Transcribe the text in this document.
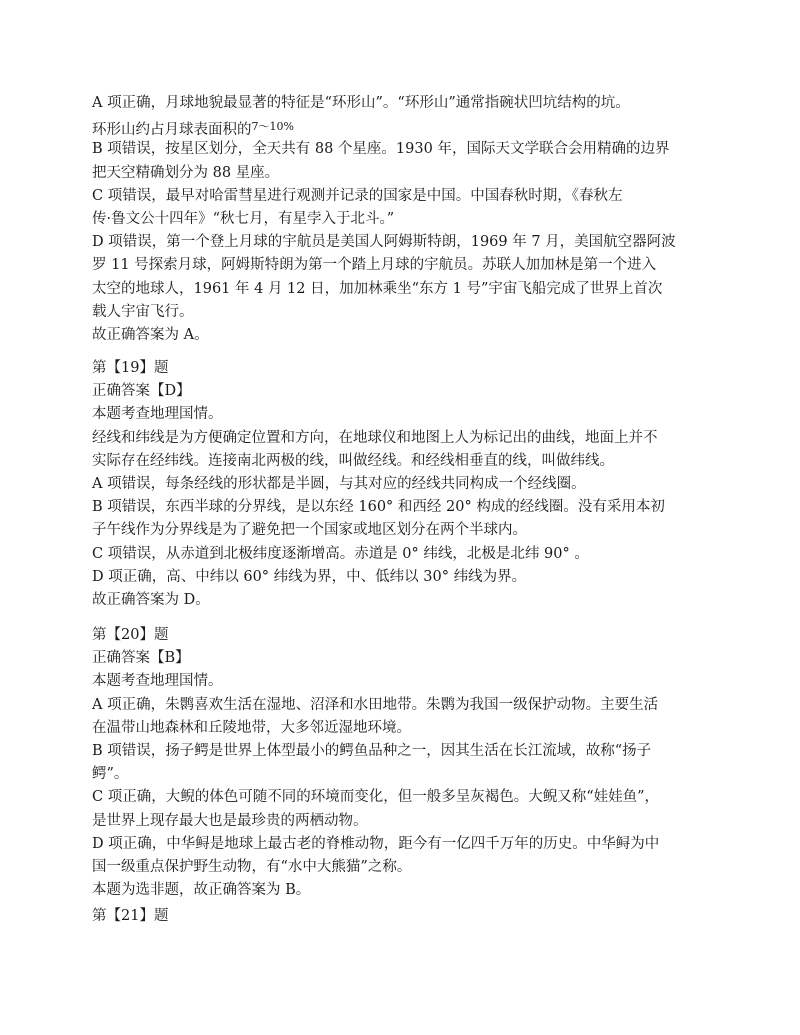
A 项正确，月球地貌最显著的特征是“环形山”。“环形山”通常指碗状凹坑结构的坑。
环形山约占月球表面积的$^{7\sim 10\%}$
B 项错误，按星区划分，全天共有 88 个星座。1930 年，国际天文学联合会用精确的边界
把天空精确划分为 88 星座。
C 项错误，最早对哈雷彗星进行观测并记录的国家是中国。中国春秋时期，《春秋左
传·鲁文公十四年》“秋七月，有星孛入于北斗。”
D 项错误，第一个登上月球的宇航员是美国人阿姆斯特朗，1969 年 7 月，美国航空器阿波
罗 11 号探索月球，阿姆斯特朗为第一个踏上月球的宇航员。苏联人加加林是第一个进入
太空的地球人，1961 年 4 月 12 日，加加林乘坐“东方 1 号”宇宙飞船完成了世界上首次
载人宇宙飞行。
故正确答案为 A。
第【19】题
正确答案【D】
本题考查地理国情。
经线和纬线是为方便确定位置和方向，在地球仪和地图上人为标记出的曲线，地面上并不
实际存在经纬线。连接南北两极的线，叫做经线。和经线相垂直的线，叫做纬线。
A 项错误，每条经线的形状都是半圆，与其对应的经线共同构成一个经线圈。
B 项错误，东西半球的分界线，是以东经 160° 和西经 20° 构成的经线圈。没有采用本初
子午线作为分界线是为了避免把一个国家或地区划分在两个半球内。
C 项错误，从赤道到北极纬度逐渐增高。赤道是 0° 纬线，北极是北纬 90° 。
D 项正确，高、中纬以 60° 纬线为界，中、低纬以 30° 纬线为界。
故正确答案为 D。
第【20】题
正确答案【B】
本题考查地理国情。
A 项正确，朱鹮喜欢生活在湿地、沼泽和水田地带。朱鹮为我国一级保护动物。主要生活
在温带山地森林和丘陵地带，大多邻近湿地环境。
B 项错误，扬子鳄是世界上体型最小的鳄鱼品种之一，因其生活在长江流域，故称“扬子
鳄”。
C 项正确，大鲵的体色可随不同的环境而变化，但一般多呈灰褐色。大鲵又称“娃娃鱼”，
是世界上现存最大也是最珍贵的两栖动物。
D 项正确，中华鲟是地球上最古老的脊椎动物，距今有一亿四千万年的历史。中华鲟为中
国一级重点保护野生动物，有“水中大熊猫”之称。
本题为选非题，故正确答案为 B。
第【21】题
